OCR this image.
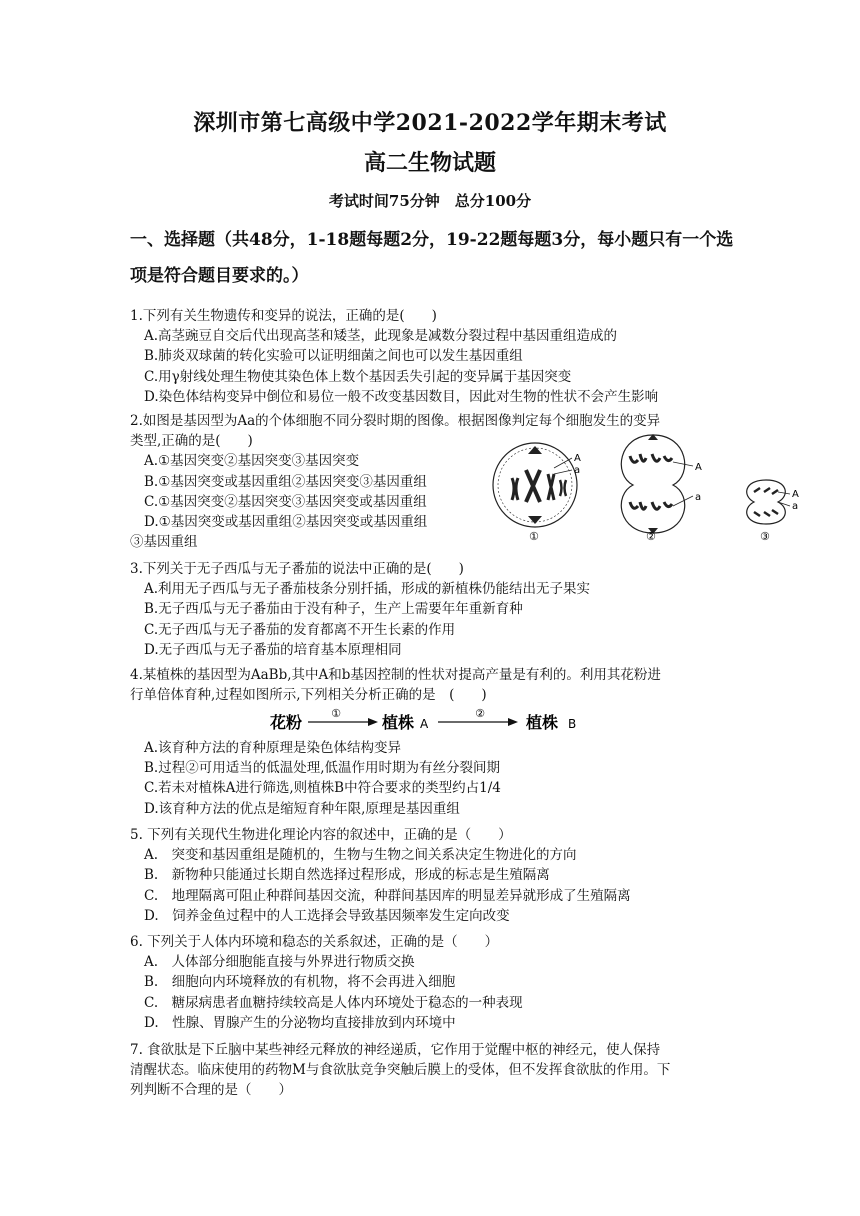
深圳市第七高级中学2021-2022学年期末考试
高二生物试题
考试时间75分钟　总分100分
一、选择题（共48分，1-18题每题2分，19-22题每题3分，每小题只有一个选项是符合题目要求的。）
1.下列有关生物遗传和变异的说法，正确的是(　　)
A.高茎豌豆自交后代出现高茎和矮茎，此现象是减数分裂过程中基因重组造成的
B.肺炎双球菌的转化实验可以证明细菌之间也可以发生基因重组
C.用γ射线处理生物使其染色体上数个基因丢失引起的变异属于基因突变
D.染色体结构变异中倒位和易位一般不改变基因数目，因此对生物的性状不会产生影响
2.如图是基因型为Aa的个体细胞不同分裂时期的图像。根据图像判定每个细胞发生的变异
类型,正确的是(　　)
A.①基因突变②基因突变③基因突变
B.①基因突变或基因重组②基因突变③基因重组
C.①基因突变②基因突变③基因突变或基因重组
D.①基因突变或基因重组②基因突变或基因重组
③基因重组
A
a
①
A
a
②
A
a
③
3.下列关于无子西瓜与无子番茄的说法中正确的是(　　)
A.利用无子西瓜与无子番茄枝条分别扦插，形成的新植株仍能结出无子果实
B.无子西瓜与无子番茄由于没有种子，生产上需要年年重新育种
C.无子西瓜与无子番茄的发育都离不开生长素的作用
D.无子西瓜与无子番茄的培育基本原理相同
4.某植株的基因型为AaBb,其中A和b基因控制的性状对提高产量是有利的。利用其花粉进
行单倍体育种,过程如图所示,下列相关分析正确的是　(　　)
花粉	①	植株 A
②	植株 B
A.该育种方法的育种原理是染色体结构变异
B.过程②可用适当的低温处理,低温作用时期为有丝分裂间期
C.若未对植株A进行筛选,则植株B中符合要求的类型约占1/4
D.该育种方法的优点是缩短育种年限,原理是基因重组
5. 下列有关现代生物进化理论内容的叙述中，正确的是（　　）
A.　突变和基因重组是随机的，生物与生物之间关系决定生物进化的方向
B.　新物种只能通过长期自然选择过程形成，形成的标志是生殖隔离
C.　地理隔离可阻止种群间基因交流，种群间基因库的明显差异就形成了生殖隔离
D.　饲养金鱼过程中的人工选择会导致基因频率发生定向改变
6. 下列关于人体内环境和稳态的关系叙述，正确的是（　　）
A.　人体部分细胞能直接与外界进行物质交换
B.　细胞向内环境释放的有机物，将不会再进入细胞
C.　糖尿病患者血糖持续较高是人体内环境处于稳态的一种表现
D.　性腺、胃腺产生的分泌物均直接排放到内环境中
7. 食欲肽是下丘脑中某些神经元释放的神经递质，它作用于觉醒中枢的神经元，使人保持
清醒状态。临床使用的药物M与食欲肽竞争突触后膜上的受体，但不发挥食欲肽的作用。下
列判断不合理的是（　　）
